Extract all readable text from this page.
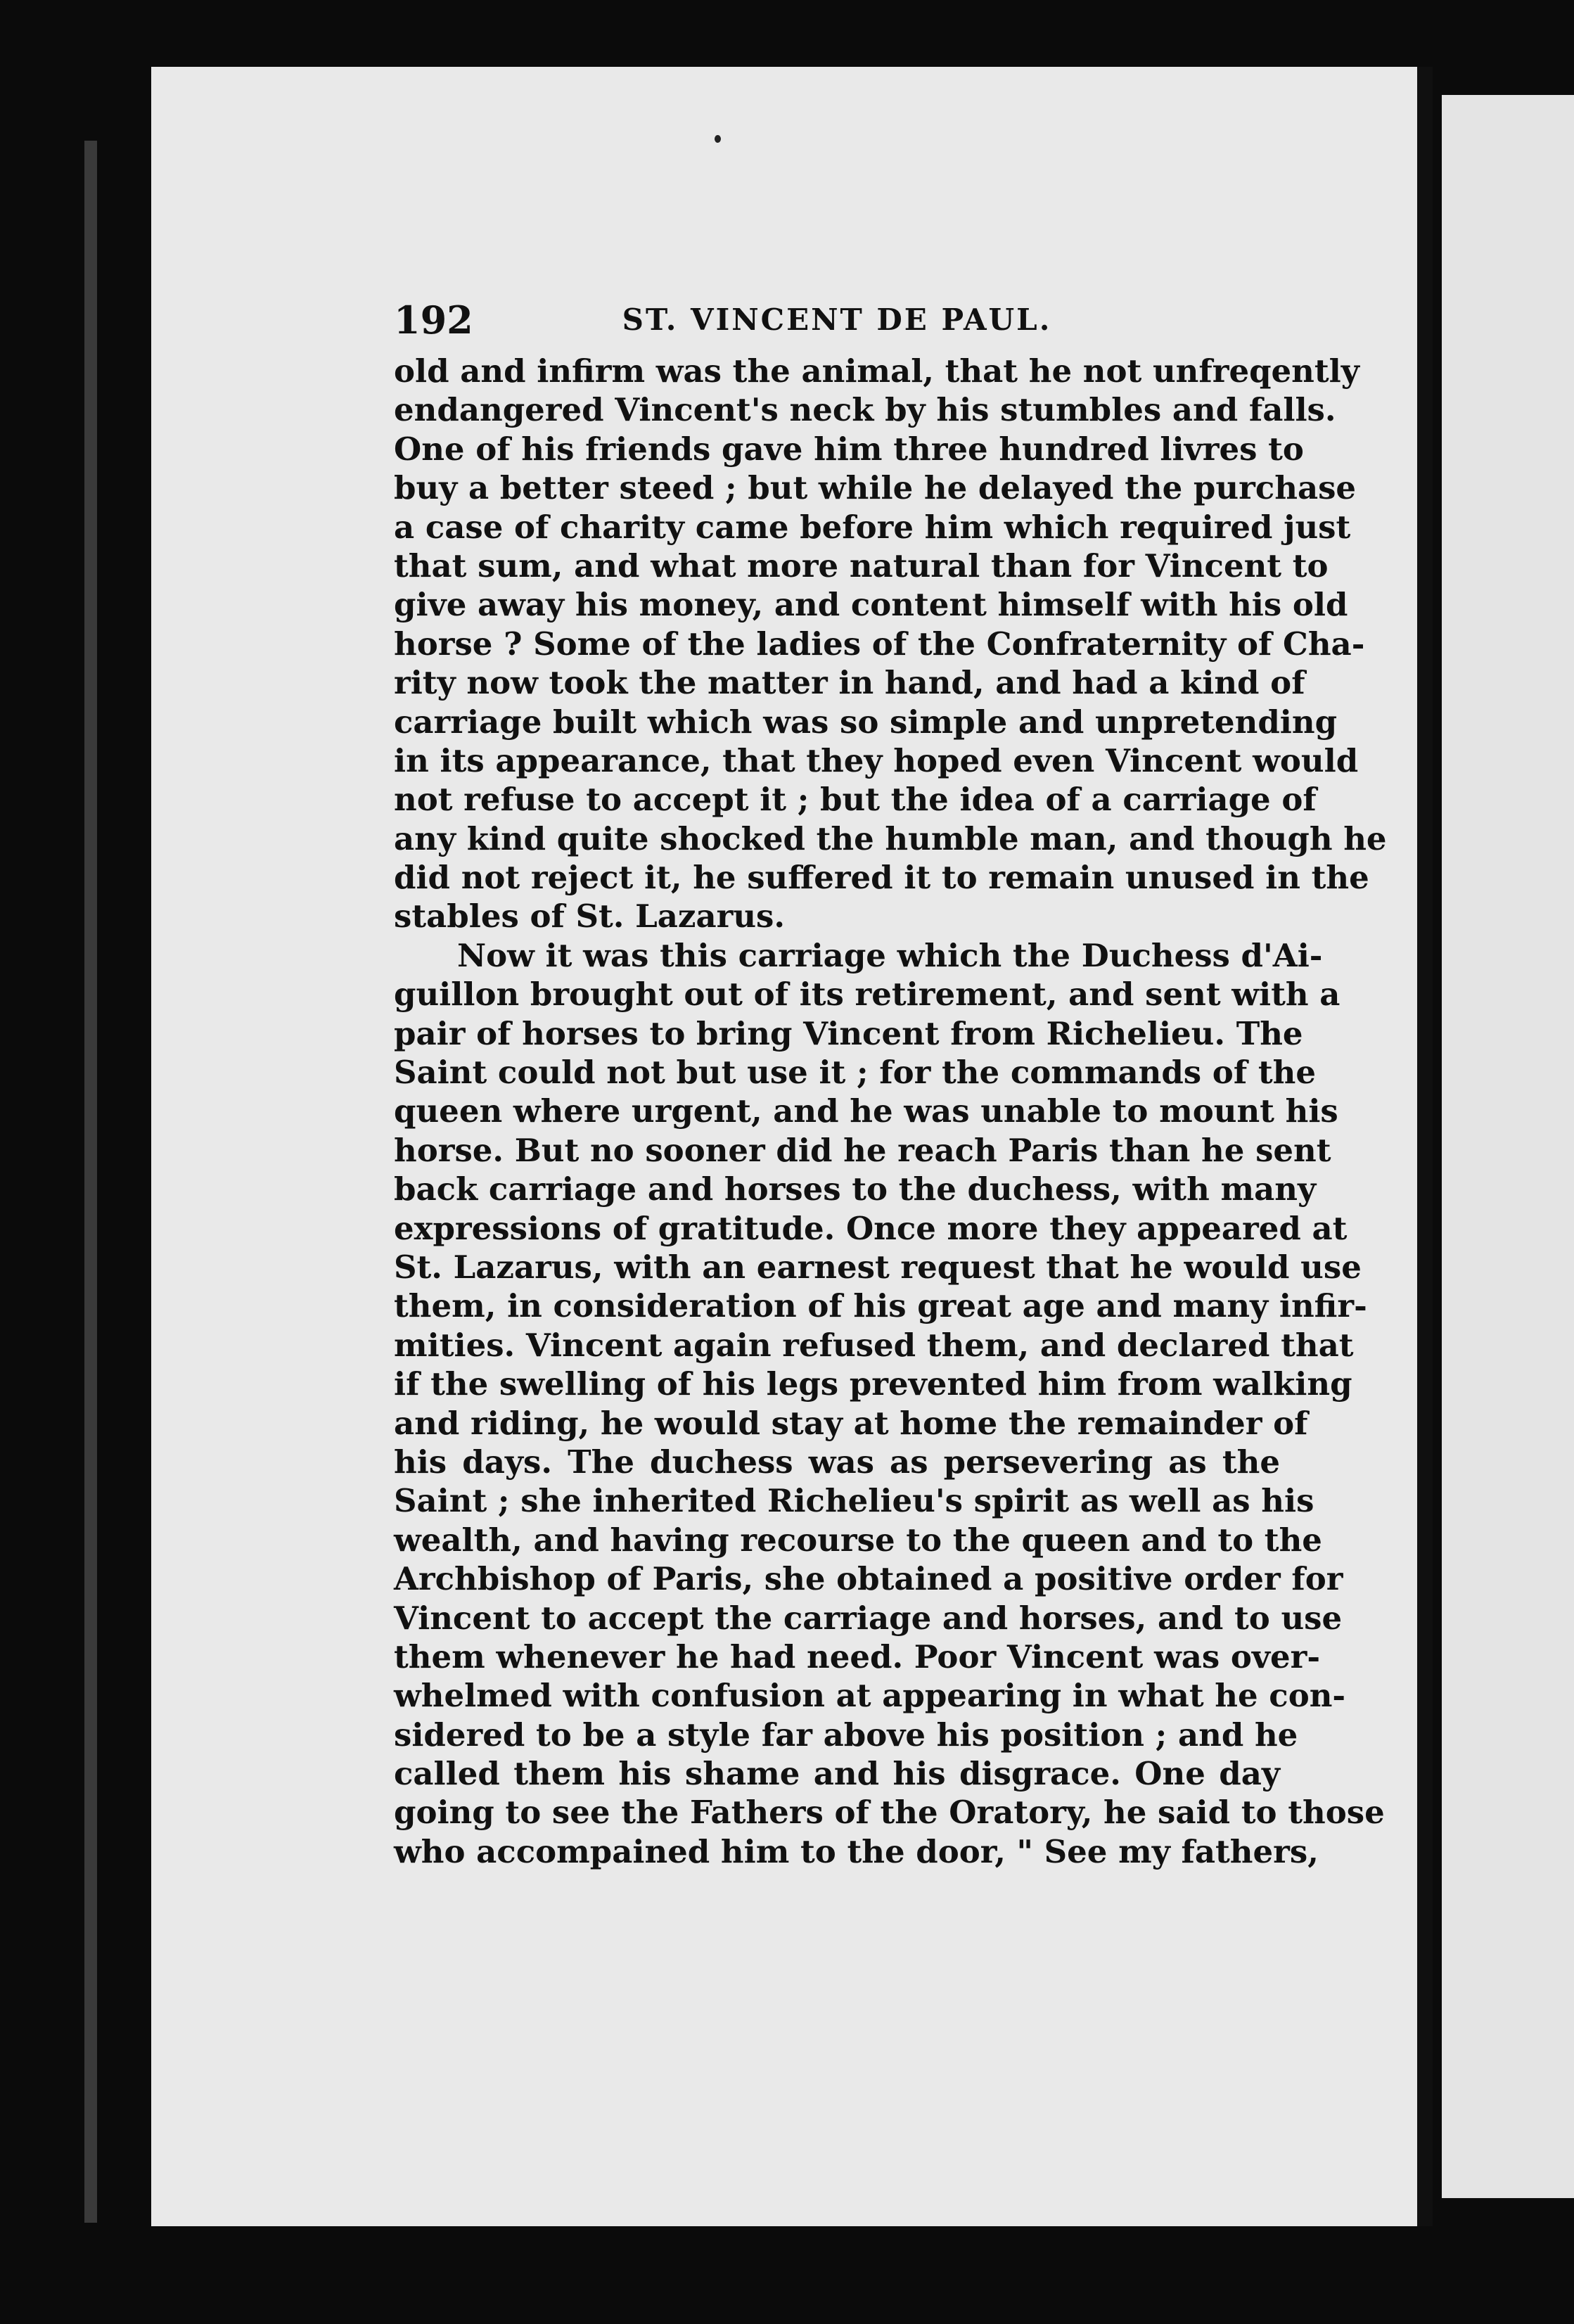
192	ST. VINCENT DE PAUL.
old and infirm was the animal, that he not unfreqently
endangered Vincent's neck by his stumbles and falls.
One of his friends gave him three hundred livres to
buy a better steed ; but while he delayed the purchase
a case of charity came before him which required just
that sum, and what more natural than for Vincent to
give away his money, and content himself with his old
horse ? Some of the ladies of the Confraternity of Cha-
rity now took the matter in hand, and had a kind of
carriage built which was so simple and unpretending
in its appearance, that they hoped even Vincent would
not refuse to accept it ; but the idea of a carriage of
any kind quite shocked the humble man, and though he
did not reject it, he suffered it to remain unused in the
stables of St. Lazarus.
Now it was this carriage which the Duchess d'Ai-
guillon brought out of its retirement, and sent with a
pair of horses to bring Vincent from Richelieu. The
Saint could not but use it ; for the commands of the
queen where urgent, and he was unable to mount his
horse. But no sooner did he reach Paris than he sent
back carriage and horses to the duchess, with many
expressions of gratitude. Once more they appeared at
St. Lazarus, with an earnest request that he would use
them, in consideration of his great age and many infir-
mities. Vincent again refused them, and declared that
if the swelling of his legs prevented him from walking
and riding, he would stay at home the remainder of
his days. The duchess was as persevering as the
Saint ; she inherited Richelieu's spirit as well as his
wealth, and having recourse to the queen and to the
Archbishop of Paris, she obtained a positive order for
Vincent to accept the carriage and horses, and to use
them whenever he had need. Poor Vincent was over-
whelmed with confusion at appearing in what he con-
sidered to be a style far above his position ; and he
called them his shame and his disgrace. One day
going to see the Fathers of the Oratory, he said to those
who accompained him to the door, " See my fathers,
